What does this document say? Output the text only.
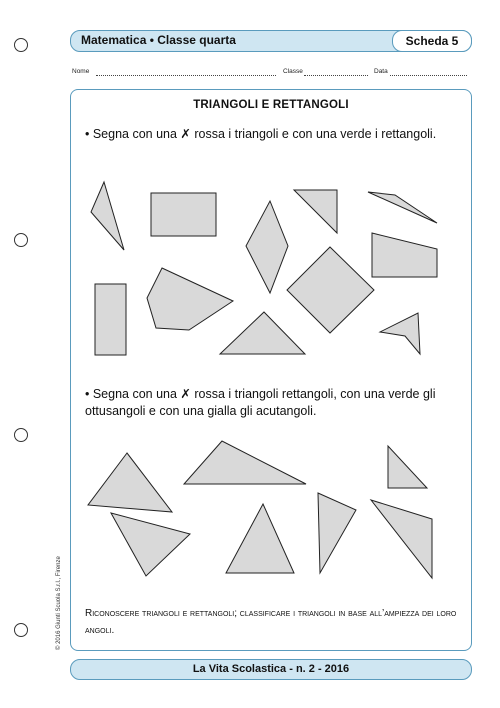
Matematica • Classe quarta	Scheda 5
Nome	Classe	Data
TRIANGOLI E RETTANGOLI
• Segna con una ✗ rossa i triangoli e con una verde i rettangoli.
• Segna con una ✗ rossa i triangoli rettangoli, con una verde gli ottusangoli e con una gialla gli acutangoli.
Riconoscere triangoli e rettangoli; classificare i triangoli in base all’ampiezza dei loro angoli.
La Vita Scolastica - n. 2 - 2016
© 2016 Giunti Scuola S.r.l., Firenze
